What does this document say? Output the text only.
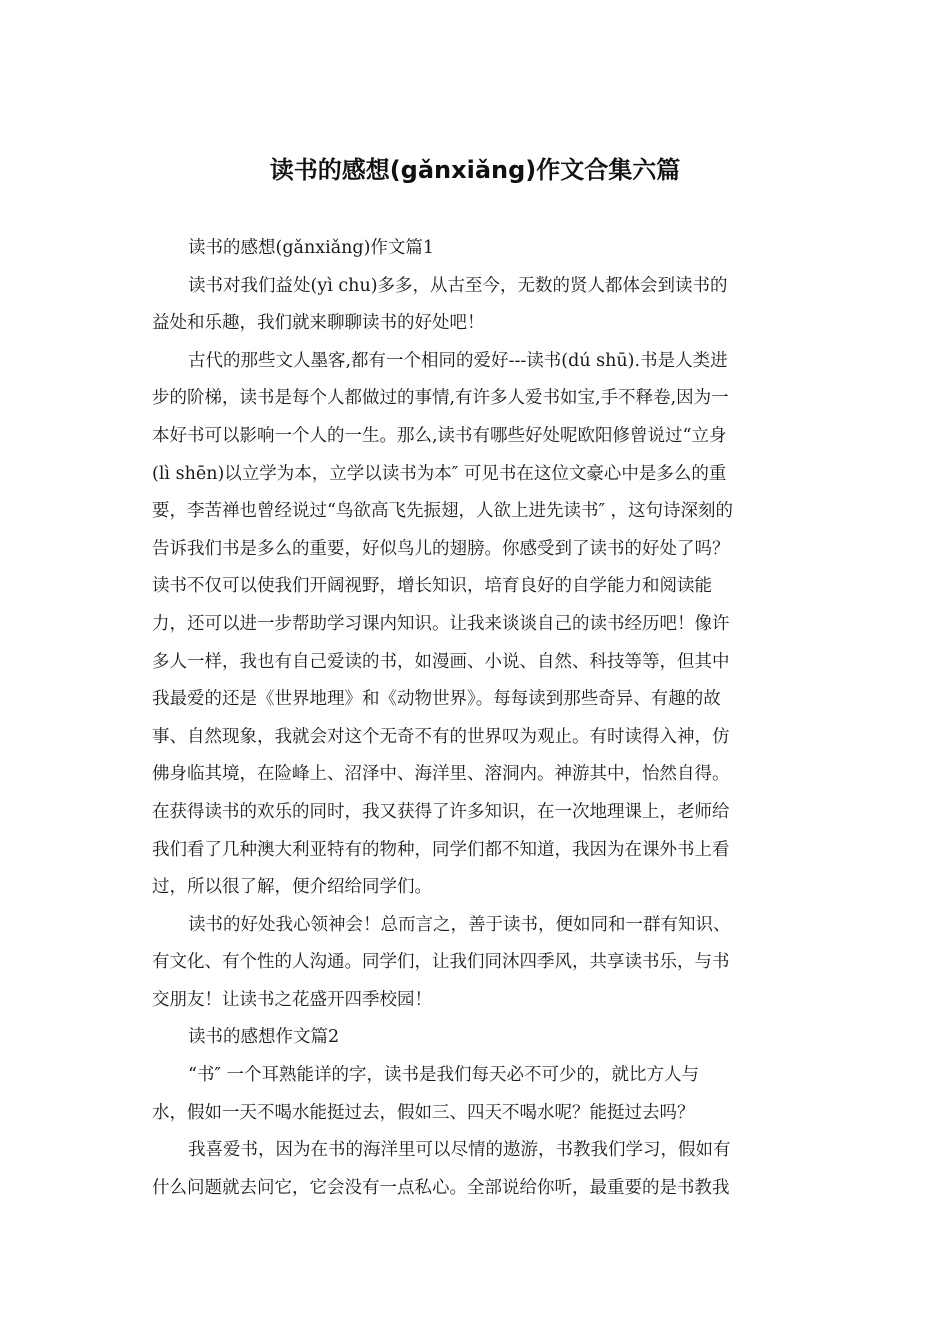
读书的感想(gǎnxiǎng)作文合集六篇

读书的感想(gǎnxiǎng)作文篇1

读书对我们益处(yì chu)多多，从古至今，无数的贤人都体会到读书的

益处和乐趣，我们就来聊聊读书的好处吧！

古代的那些文人墨客,都有一个相同的爱好---读书(dú shū).书是人类进

步的阶梯，读书是每个人都做过的事情,有许多人爱书如宝,手不释卷,因为一

本好书可以影响一个人的一生。那么,读书有哪些好处呢欧阳修曾说过“立身

(lì shēn)以立学为本，立学以读书为本″ 可见书在这位文豪心中是多么的重

要，李苦禅也曾经说过“鸟欲高飞先振翅，人欲上进先读书″ ，这句诗深刻的

告诉我们书是多么的重要，好似鸟儿的翅膀。你感受到了读书的好处了吗？

读书不仅可以使我们开阔视野，增长知识，培育良好的自学能力和阅读能

力，还可以进一步帮助学习课内知识。让我来谈谈自己的读书经历吧！像许

多人一样，我也有自己爱读的书，如漫画、小说、自然、科技等等，但其中

我最爱的还是《世界地理》和《动物世界》。每每读到那些奇异、有趣的故

事、自然现象，我就会对这个无奇不有的世界叹为观止。有时读得入神，仿

佛身临其境，在险峰上、沼泽中、海洋里、溶洞内。神游其中，怡然自得。

在获得读书的欢乐的同时，我又获得了许多知识，在一次地理课上，老师给

我们看了几种澳大利亚特有的物种，同学们都不知道，我因为在课外书上看

过，所以很了解，便介绍给同学们。

读书的好处我心领神会！总而言之，善于读书，便如同和一群有知识、

有文化、有个性的人沟通。同学们，让我们同沐四季风，共享读书乐，与书

交朋友！让读书之花盛开四季校园！

读书的感想作文篇2

“书″ 一个耳熟能详的字，读书是我们每天必不可少的，就比方人与

水，假如一天不喝水能挺过去，假如三、四天不喝水呢？能挺过去吗？

我喜爱书，因为在书的海洋里可以尽情的遨游，书教我们学习，假如有

什么问题就去问它，它会没有一点私心。全部说给你听，最重要的是书教我
